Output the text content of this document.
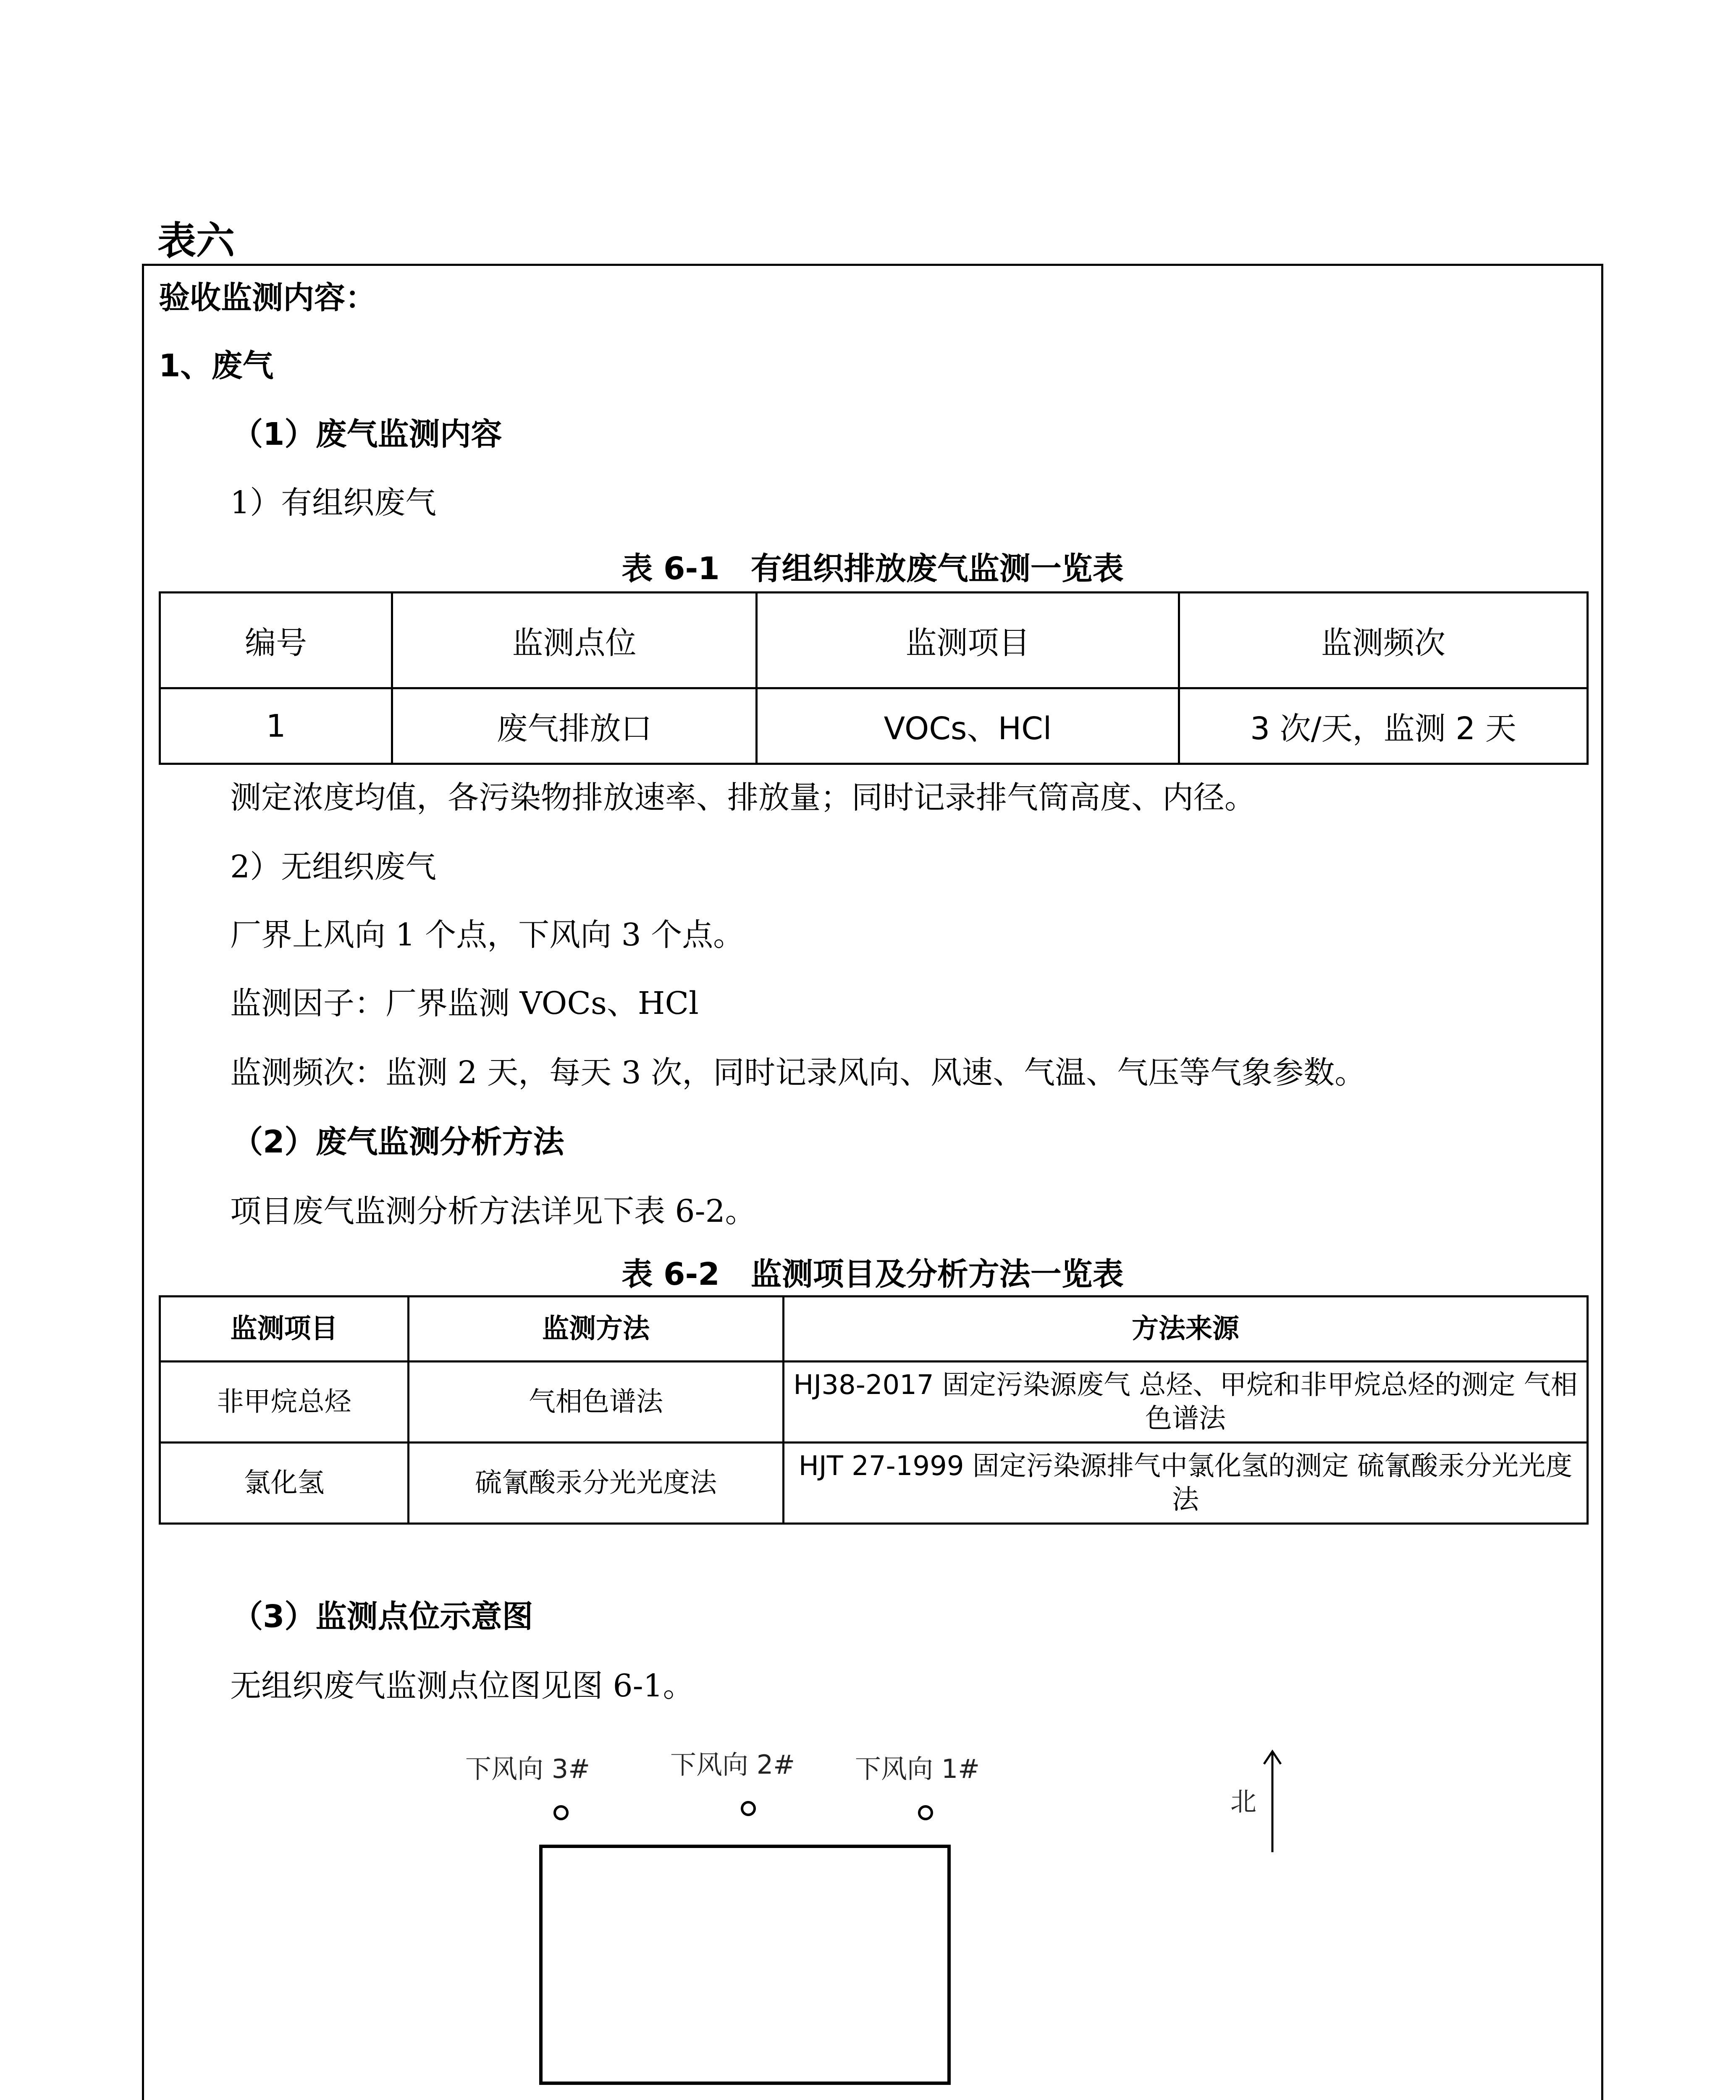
表六
验收监测内容：
1、废气
（1）废气监测内容
1）有组织废气
表 6-1　有组织排放废气监测一览表
编号	监测点位	监测项目	监测频次
1	废气排放口	VOCs、HCl	3 次/天，监测 2 天
测定浓度均值，各污染物排放速率、排放量；同时记录排气筒高度、内径。
2）无组织废气
厂界上风向 1 个点，下风向 3 个点。
监测因子：厂界监测 VOCs、HCl
监测频次：监测 2 天，每天 3 次，同时记录风向、风速、气温、气压等气象参数。
（2）废气监测分析方法
项目废气监测分析方法详见下表 6-2。
表 6-2　监测项目及分析方法一览表
监测项目	监测方法	方法来源
非甲烷总烃	气相色谱法	HJ38-2017 固定污染源废气 总烃、甲烷和非甲烷总烃的测定 气相色谱法
氯化氢	硫氰酸汞分光光度法	HJT 27-1999 固定污染源排气中氯化氢的测定 硫氰酸汞分光光度法
（3）监测点位示意图
无组织废气监测点位图见图 6-1。
下风向 3#	下风向 2# 下风向 1#
北
